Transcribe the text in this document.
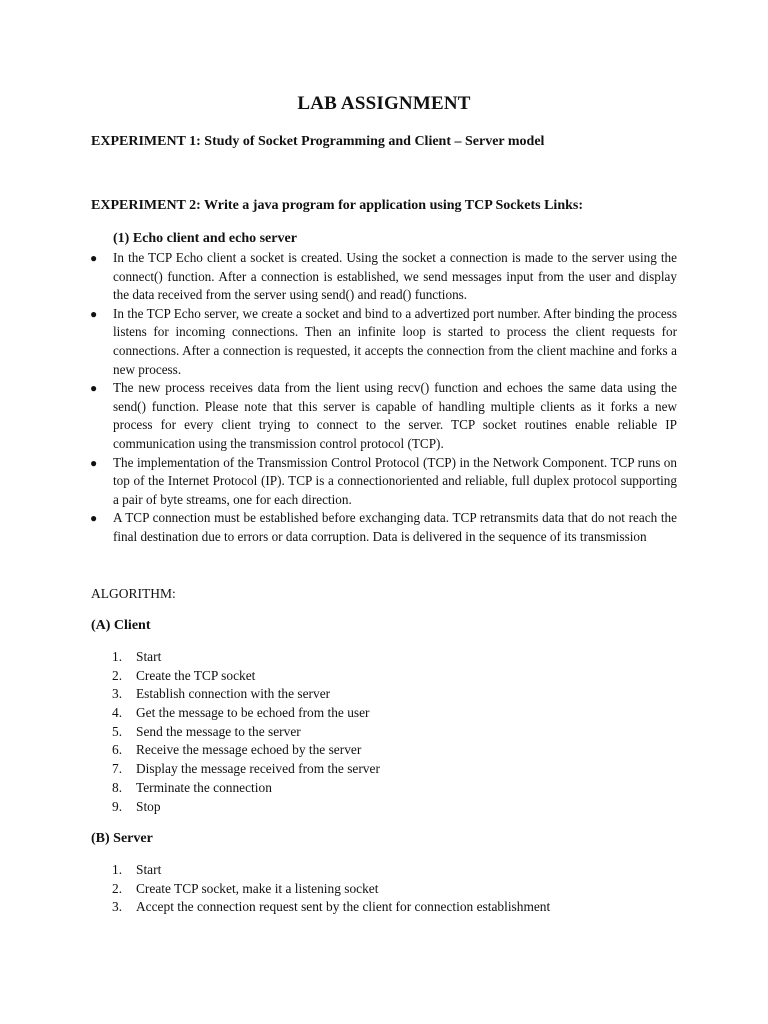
LAB ASSIGNMENT
EXPERIMENT 1: Study of Socket Programming and Client – Server model
EXPERIMENT 2: Write a java program for application using TCP Sockets Links:
(1) Echo client and echo server
● In the TCP Echo client a socket is created. Using the socket a connection is made to the server using the connect() function. After a connection is established, we send messages input from the user and display the data received from the server using send() and read() functions.
● In the TCP Echo server, we create a socket and bind to a advertized port number. After binding the process listens for incoming connections. Then an infinite loop is started to process the client requests for connections. After a connection is requested, it accepts the connection from the client machine and forks a new process.
● The new process receives data from the lient using recv() function and echoes the same data using the send() function. Please note that this server is capable of handling multiple clients as it forks a new process for every client trying to connect to the server. TCP socket routines enable reliable IP communication using the transmission control protocol (TCP).
● The implementation of the Transmission Control Protocol (TCP) in the Network Component. TCP runs on top of the Internet Protocol (IP). TCP is a connectionoriented and reliable, full duplex protocol supporting a pair of byte streams, one for each direction.
● A TCP connection must be established before exchanging data. TCP retransmits data that do not reach the final destination due to errors or data corruption. Data is delivered in the sequence of its transmission
ALGORITHM:
(A) Client
1. Start
2. Create the TCP socket
3. Establish connection with the server
4. Get the message to be echoed from the user
5. Send the message to the server
6. Receive the message echoed by the server
7. Display the message received from the server
8. Terminate the connection
9. Stop
(B) Server
1. Start
2. Create TCP socket, make it a listening socket
3. Accept the connection request sent by the client for connection establishment
